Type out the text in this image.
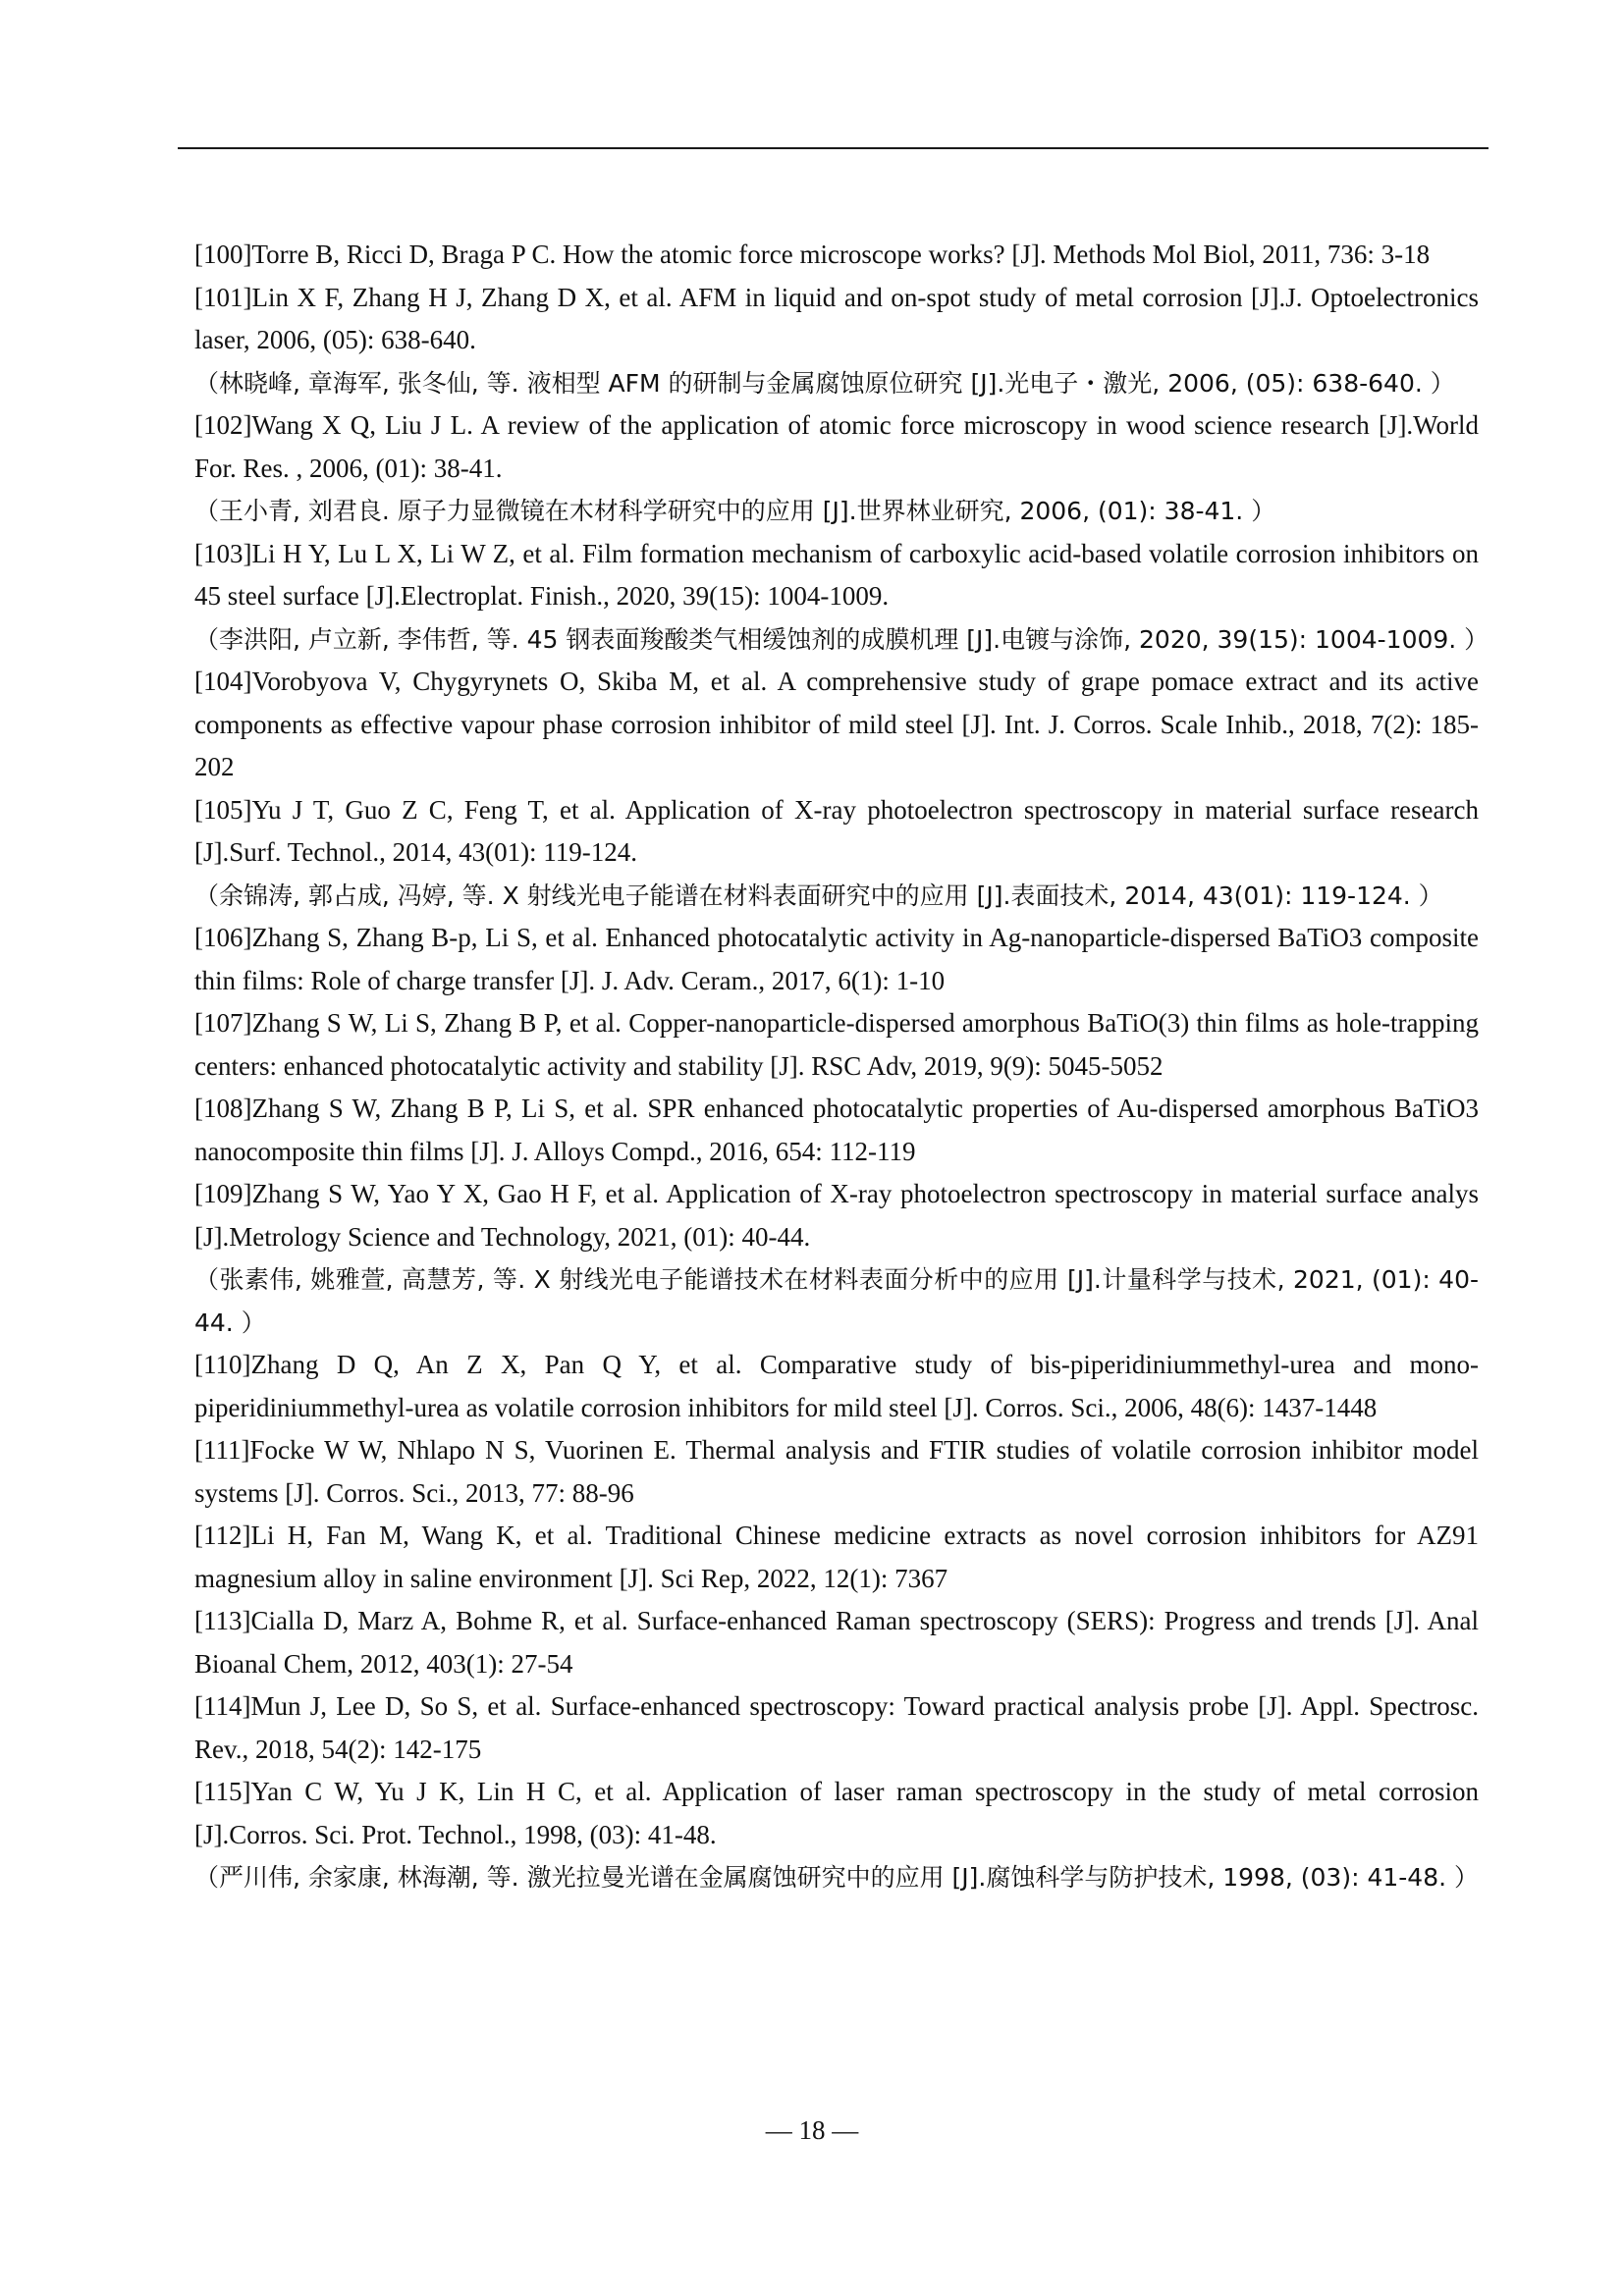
[100]Torre B, Ricci D, Braga P C. How the atomic force microscope works? [J]. Methods Mol Biol, 2011, 736: 3-18

[101]Lin X F, Zhang H J, Zhang D X, et al. AFM in liquid and on-spot study of metal corrosion [J].J. Optoelectronics laser, 2006, (05): 638-640.

（林晓峰, 章海军, 张冬仙, 等. 液相型 AFM 的研制与金属腐蚀原位研究 [J].光电子・激光, 2006, (05): 638-640. ）

[102]Wang X Q, Liu J L. A review of the application of atomic force microscopy in wood science research [J].World For. Res. , 2006, (01): 38-41.

（王小青, 刘君良. 原子力显微镜在木材科学研究中的应用 [J].世界林业研究, 2006, (01): 38-41. ）

[103]Li H Y, Lu L X, Li W Z, et al. Film formation mechanism of carboxylic acid-based volatile corrosion inhibitors on 45 steel surface [J].Electroplat. Finish., 2020, 39(15): 1004-1009.

（李洪阳, 卢立新, 李伟哲, 等. 45 钢表面羧酸类气相缓蚀剂的成膜机理 [J].电镀与涂饰, 2020, 39(15): 1004-1009. ）

[104]Vorobyova V, Chygyrynets O, Skiba M, et al. A comprehensive study of grape pomace extract and its active components as effective vapour phase corrosion inhibitor of mild steel [J]. Int. J. Corros. Scale Inhib., 2018, 7(2): 185-202

[105]Yu J T, Guo Z C, Feng T, et al. Application of X-ray photoelectron spectroscopy in material surface research [J].Surf. Technol., 2014, 43(01): 119-124.

（余锦涛, 郭占成, 冯婷, 等. X 射线光电子能谱在材料表面研究中的应用 [J].表面技术, 2014, 43(01): 119-124. ）

[106]Zhang S, Zhang B-p, Li S, et al. Enhanced photocatalytic activity in Ag-nanoparticle-dispersed BaTiO3 composite thin films: Role of charge transfer [J]. J. Adv. Ceram., 2017, 6(1): 1-10

[107]Zhang S W, Li S, Zhang B P, et al. Copper-nanoparticle-dispersed amorphous BaTiO(3) thin films as hole-trapping centers: enhanced photocatalytic activity and stability [J]. RSC Adv, 2019, 9(9): 5045-5052

[108]Zhang S W, Zhang B P, Li S, et al. SPR enhanced photocatalytic properties of Au-dispersed amorphous BaTiO3 nanocomposite thin films [J]. J. Alloys Compd., 2016, 654: 112-119

[109]Zhang S W, Yao Y X, Gao H F, et al. Application of X-ray photoelectron spectroscopy in material surface analys [J].Metrology Science and Technology, 2021, (01): 40-44.

（张素伟, 姚雅萱, 高慧芳, 等. X 射线光电子能谱技术在材料表面分析中的应用 [J].计量科学与技术, 2021, (01): 40-44. ）

[110]Zhang D Q, An Z X, Pan Q Y, et al. Comparative study of bis-piperidiniummethyl-urea and mono-piperidiniummethyl-urea as volatile corrosion inhibitors for mild steel [J]. Corros. Sci., 2006, 48(6): 1437-1448

[111]Focke W W, Nhlapo N S, Vuorinen E. Thermal analysis and FTIR studies of volatile corrosion inhibitor model systems [J]. Corros. Sci., 2013, 77: 88-96

[112]Li H, Fan M, Wang K, et al. Traditional Chinese medicine extracts as novel corrosion inhibitors for AZ91 magnesium alloy in saline environment [J]. Sci Rep, 2022, 12(1): 7367

[113]Cialla D, Marz A, Bohme R, et al. Surface-enhanced Raman spectroscopy (SERS): Progress and trends [J]. Anal Bioanal Chem, 2012, 403(1): 27-54

[114]Mun J, Lee D, So S, et al. Surface-enhanced spectroscopy: Toward practical analysis probe [J]. Appl. Spectrosc. Rev., 2018, 54(2): 142-175

[115]Yan C W, Yu J K, Lin H C, et al. Application of laser raman spectroscopy in the study of metal corrosion [J].Corros. Sci. Prot. Technol., 1998, (03): 41-48.

（严川伟, 余家康, 林海潮, 等. 激光拉曼光谱在金属腐蚀研究中的应用 [J].腐蚀科学与防护技术, 1998, (03): 41-48. ）

— 18 —
